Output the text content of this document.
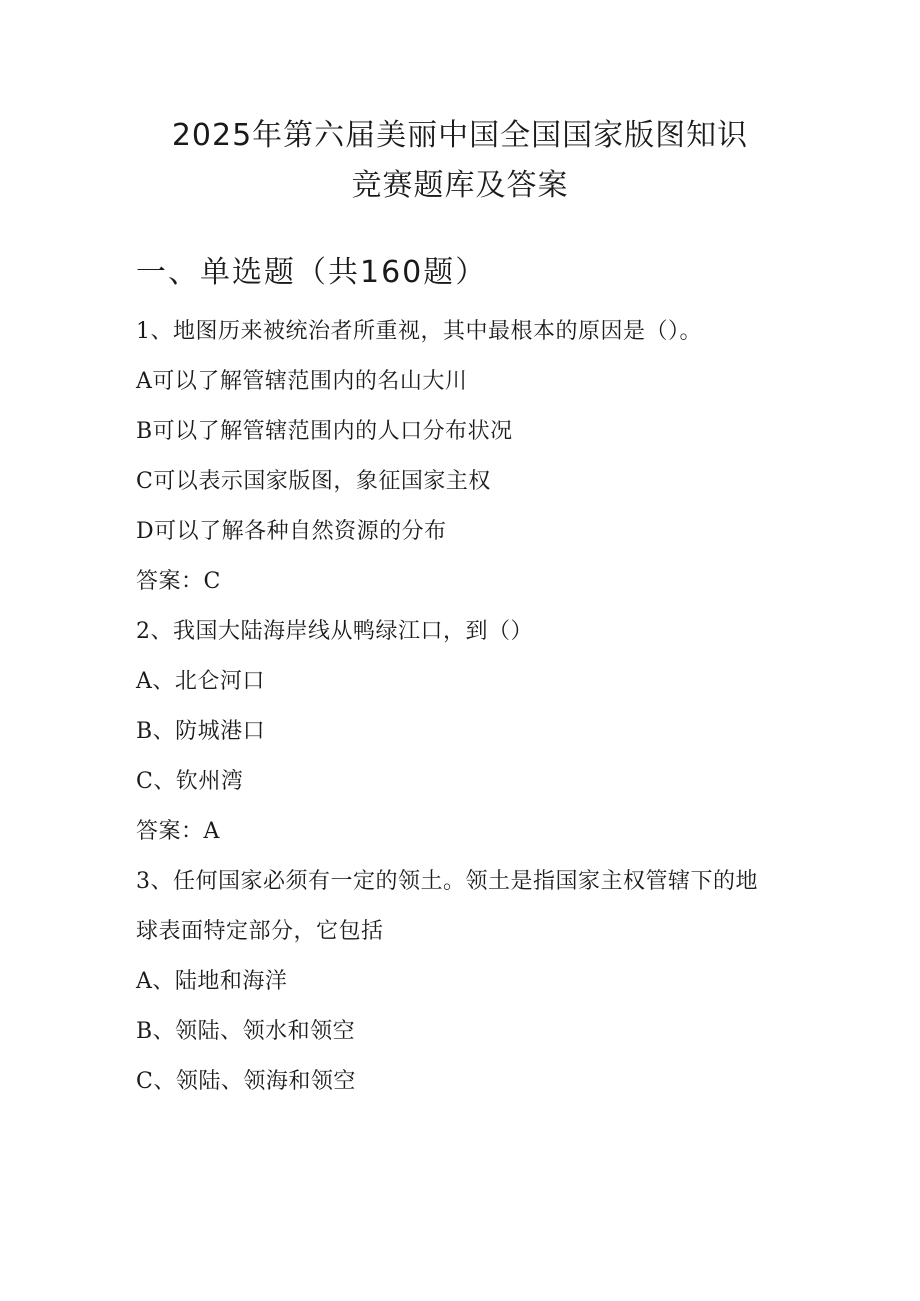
2025年第六届美丽中国全国国家版图知识
竞赛题库及答案
一、单选题（共160题）

1、地图历来被统治者所重视，其中最根本的原因是（）。

A可以了解管辖范围内的名山大川

B可以了解管辖范围内的人口分布状况

C可以表示国家版图，象征国家主权

D可以了解各种自然资源的分布

答案：C

2、我国大陆海岸线从鸭绿江口，到（）

A、北仑河口

B、防城港口

C、钦州湾

答案：A

3、任何国家必须有一定的领土。领土是指国家主权管辖下的地

球表面特定部分，它包括

A、陆地和海洋

B、领陆、领水和领空

C、领陆、领海和领空
